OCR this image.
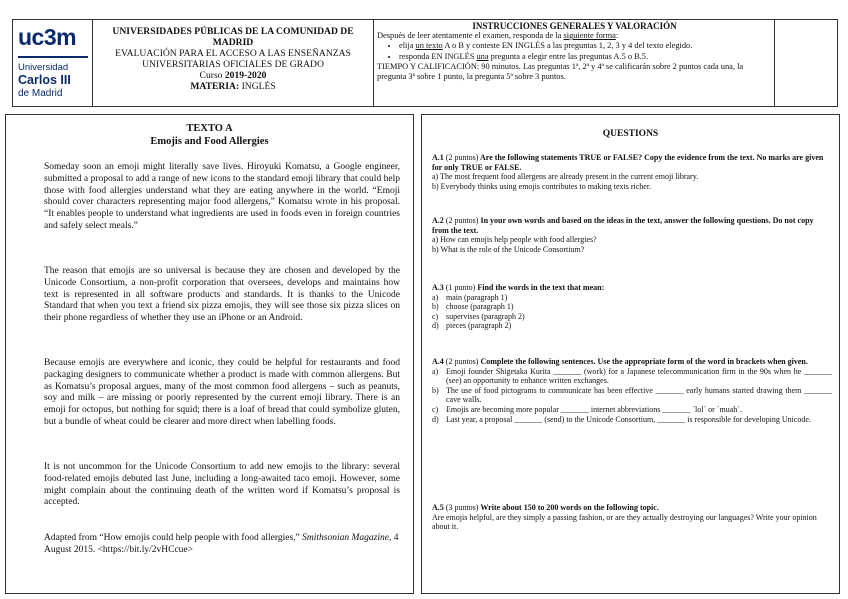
uc3m
Universidad
Carlos III
de Madrid
UNIVERSIDADES PÚBLICAS DE LA COMUNIDAD DE MADRID
EVALUACIÓN PARA EL ACCESO A LAS ENSEÑANZAS UNIVERSITARIAS OFICIALES DE GRADO
Curso 2019-2020
MATERIA: INGLÉS
INSTRUCCIONES GENERALES Y VALORACIÓN
Después de leer atentamente el examen, responda de la siguiente forma:
• elija un texto A o B y conteste EN INGLÉS a las preguntas 1, 2, 3 y 4 del texto elegido.
• responda EN INGLÉS una pregunta a elegir entre las preguntas A.5 o B.5.
TIEMPO Y CALIFICACIÓN: 90 minutos. Las preguntas 1ª, 2ª y 4ª se calificarán sobre 2 puntos cada una, la pregunta 3ª sobre 1 punto, la pregunta 5ª sobre 3 puntos.
TEXTO A
Emojis and Food Allergies

Someday soon an emoji might literally save lives. Hiroyuki Komatsu, a Google engineer, submitted a proposal to add a range of new icons to the standard emoji library that could help those with food allergies understand what they are eating anywhere in the world. “Emoji should cover characters representing major food allergens,” Komatsu wrote in his proposal. “It enables people to understand what ingredients are used in foods even in foreign countries and safely select meals.”

The reason that emojis are so universal is because they are chosen and developed by the Unicode Consortium, a non-profit corporation that oversees, develops and maintains how text is represented in all software products and standards. It is thanks to the Unicode Standard that when you text a friend six pizza emojis, they will see those six pizza slices on their phone regardless of whether they use an iPhone or an Android.

Because emojis are everywhere and iconic, they could be helpful for restaurants and food packaging designers to communicate whether a product is made with common allergens. But as Komatsu’s proposal argues, many of the most common food allergens – such as peanuts, soy and milk – are missing or poorly represented by the current emoji library. There is an emoji for octopus, but nothing for squid; there is a loaf of bread that could symbolize gluten, but a bundle of wheat could be clearer and more direct when labelling foods.

It is not uncommon for the Unicode Consortium to add new emojis to the library: several food-related emojis debuted last June, including a long-awaited taco emoji. However, some might complain about the continuing death of the written word if Komatsu’s proposal is accepted.

Adapted from “How emojis could help people with food allergies,” Smithsonian Magazine, 4 August 2015. <https://bit.ly/2vHCcue>
QUESTIONS
A.1 (2 puntos) Are the following statements TRUE or FALSE? Copy the evidence from the text. No marks are given for only TRUE or FALSE.
a) The most frequent food allergens are already present in the current emoji library.
b) Everybody thinks using emojis contributes to making texts richer.
A.2 (2 puntos) In your own words and based on the ideas in the text, answer the following questions. Do not copy from the text.
a) How can emojis help people with food allergies?
b) What is the role of the Unicode Consortium?
A.3 (1 punto) Find the words in the text that mean:
a) main (paragraph 1)
b) choose (paragraph 1)
c) supervises (paragraph 2)
d) pieces (paragraph 2)
A.4 (2 puntos) Complete the following sentences. Use the appropriate form of the word in brackets when given.
a) Emoji founder Shigetaka Kurita _______ (work) for a Japanese telecommunication firm in the 90s when he _______ (see) an opportunity to enhance written exchanges.
b) The use of food pictograms to communicate has been effective _______ early humans started drawing them _______ cave walls.
c) Emojis are becoming more popular _______ internet abbreviations _______ ´lol´ or ´muah´.
d) Last year, a proposal _______ (send) to the Unicode Consortium, _______ is responsible for developing Unicode.
A.5 (3 puntos) Write about 150 to 200 words on the following topic.
Are emojis helpful, are they simply a passing fashion, or are they actually destroying our languages? Write your opinion about it.
